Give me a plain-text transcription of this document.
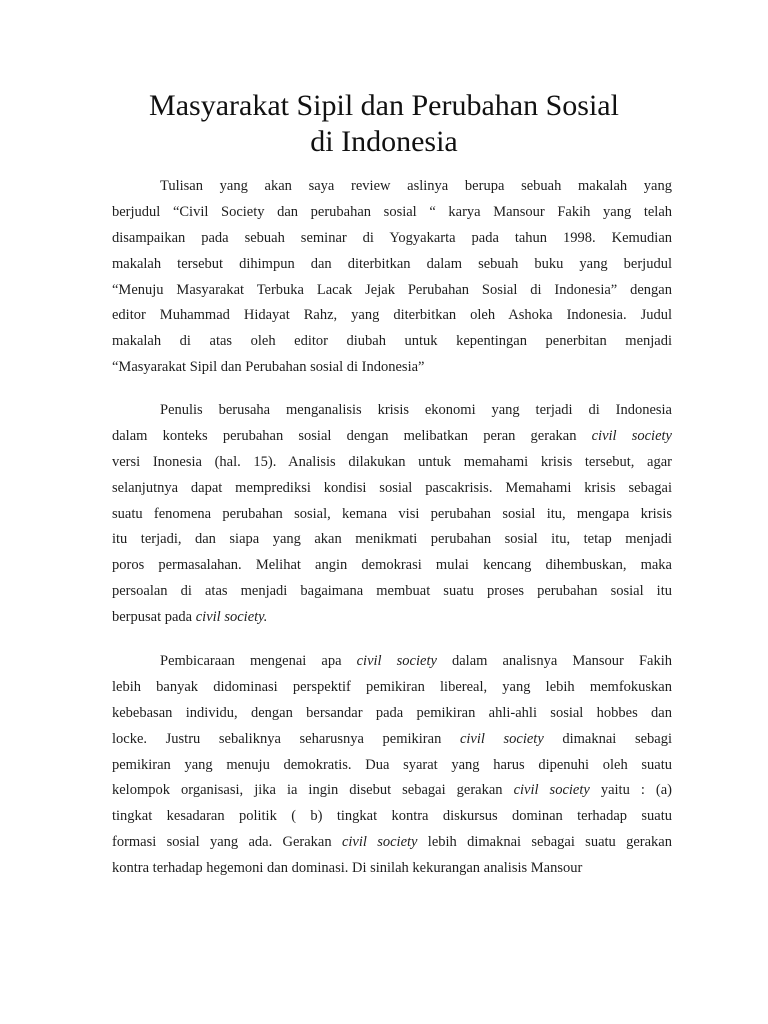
Masyarakat Sipil dan Perubahan Sosial
di Indonesia
Tulisan yang akan saya review aslinya berupa sebuah makalah yang
berjudul “Civil Society dan perubahan sosial “ karya Mansour Fakih yang telah
disampaikan pada sebuah seminar di Yogyakarta pada tahun 1998. Kemudian
makalah tersebut dihimpun dan diterbitkan dalam sebuah buku yang berjudul
“Menuju Masyarakat Terbuka Lacak Jejak Perubahan Sosial di Indonesia” dengan
editor Muhammad Hidayat Rahz, yang diterbitkan oleh Ashoka Indonesia. Judul
makalah di atas oleh editor diubah untuk kepentingan penerbitan menjadi
“Masyarakat Sipil dan Perubahan sosial di Indonesia”
Penulis berusaha menganalisis krisis ekonomi yang terjadi di Indonesia
dalam konteks perubahan sosial dengan melibatkan peran gerakan civil society
versi Inonesia (hal. 15). Analisis dilakukan untuk memahami krisis tersebut, agar
selanjutnya dapat memprediksi kondisi sosial pascakrisis. Memahami krisis sebagai
suatu fenomena perubahan sosial, kemana visi perubahan sosial itu, mengapa krisis
itu terjadi, dan siapa yang akan menikmati perubahan sosial itu, tetap menjadi
poros permasalahan. Melihat angin demokrasi mulai kencang dihembuskan, maka
persoalan di atas menjadi bagaimana membuat suatu proses perubahan sosial itu
berpusat pada civil society.
Pembicaraan mengenai apa civil society dalam analisnya Mansour Fakih
lebih banyak didominasi perspektif pemikiran libereal, yang lebih memfokuskan
kebebasan individu, dengan bersandar pada pemikiran ahli-ahli sosial hobbes dan
locke. Justru sebaliknya seharusnya pemikiran civil society dimaknai sebagi
pemikiran yang menuju demokratis. Dua syarat yang harus dipenuhi oleh suatu
kelompok organisasi, jika ia ingin disebut sebagai gerakan civil society yaitu : (a)
tingkat kesadaran politik ( b) tingkat kontra diskursus dominan terhadap suatu
formasi sosial yang ada. Gerakan civil society lebih dimaknai sebagai suatu gerakan
kontra terhadap hegemoni dan dominasi. Di sinilah kekurangan analisis Mansour
